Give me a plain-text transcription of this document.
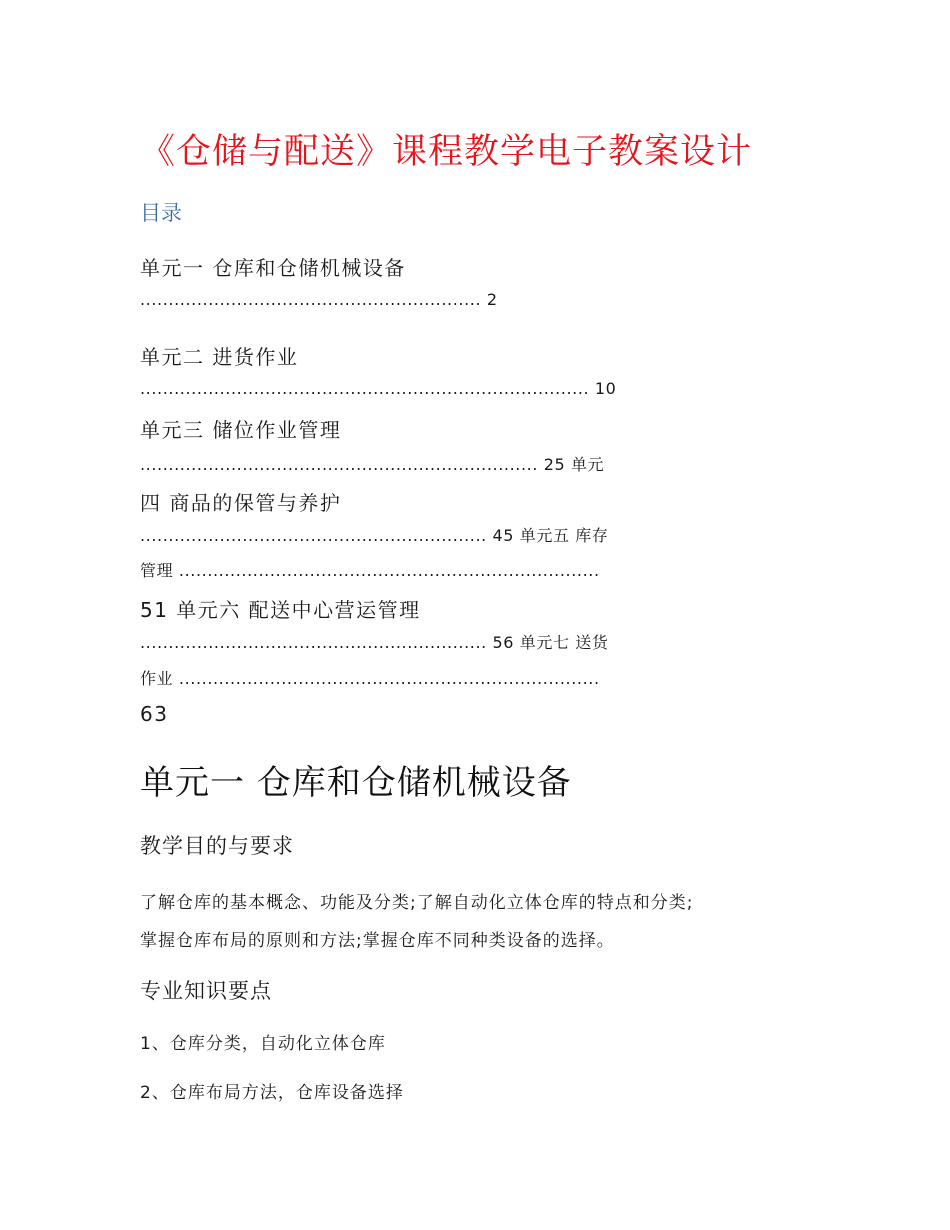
《仓储与配送》课程教学电子教案设计
目录
单元一 仓库和仓储机械设备
............................................................ 2
单元二 进货作业
............................................................................... 10
单元三 储位作业管理
...................................................................... 25 单元
四 商品的保管与养护
............................................................. 45 单元五 库存
管理 ..........................................................................
51 单元六 配送中心营运管理
............................................................. 56 单元七 送货
作业 ..........................................................................
63
单元一 仓库和仓储机械设备
教学目的与要求
了解仓库的基本概念、功能及分类;了解自动化立体仓库的特点和分类;
掌握仓库布局的原则和方法;掌握仓库不同种类设备的选择。
专业知识要点
1、仓库分类，自动化立体仓库
2、仓库布局方法，仓库设备选择
